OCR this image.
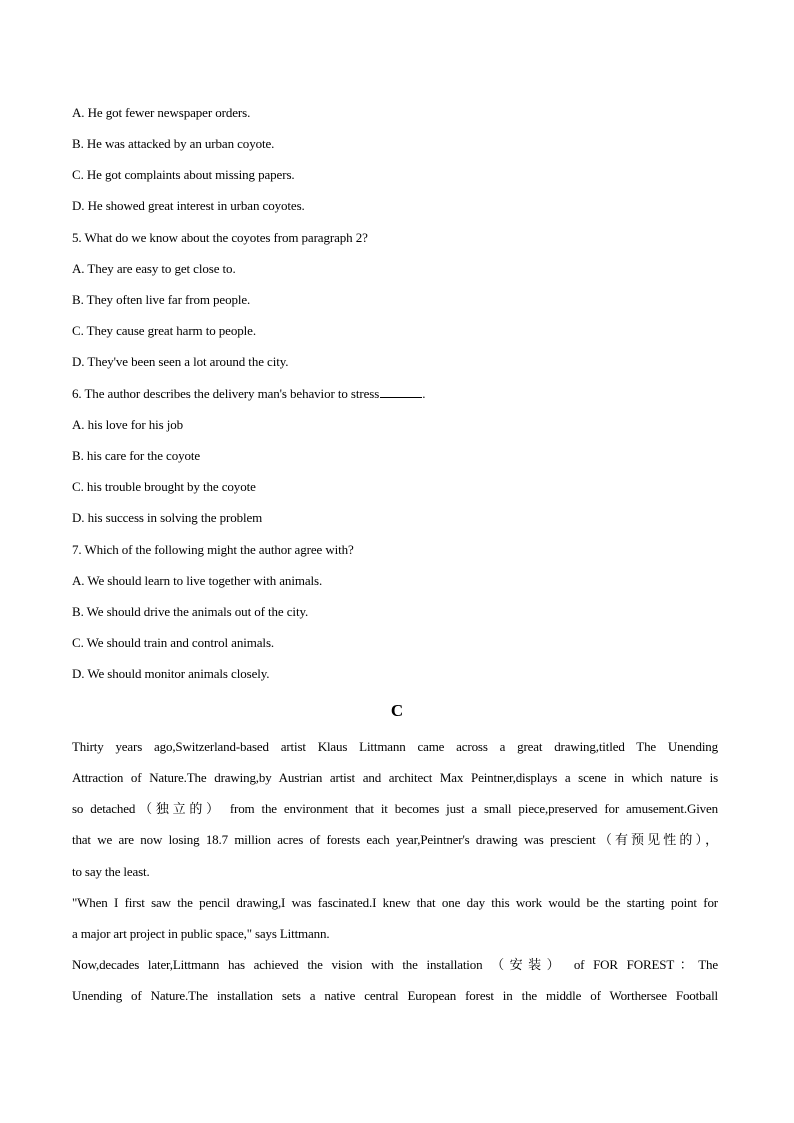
A. He got fewer newspaper orders.
B. He was attacked by an urban coyote.
C. He got complaints about missing papers.
D. He showed great interest in urban coyotes.
5. What do we know about the coyotes from paragraph 2?
A. They are easy to get close to.
B. They often live far from people.
C. They cause great harm to people.
D. They've been seen a lot around the city.
6. The author describes the delivery man's behavior to stress	.
A. his love for his job
B. his care for the coyote
C. his trouble brought by the coyote
D. his success in solving the problem
7. Which of the following might the author agree with?
A. We should learn to live together with animals.
B. We should drive the animals out of the city.
C. We should train and control animals.
D. We should monitor animals closely.
C
Thirty years ago,Switzerland-based artist Klaus Littmann came across a great drawing,titled The Unending
Attraction of Nature.The drawing,by Austrian artist and architect Max Peintner,displays a scene in which nature is
so detached（独立的） from the environment that it becomes just a small piece,preserved for amusement.Given
that we are now losing 18.7 million acres of forests each year,Peintner's drawing was prescient（有预见性的），
to say the least.
"When I first saw the pencil drawing,I was fascinated.I knew that one day this work would be the starting point for
a major art project in public space," says Littmann.
Now,decades later,Littmann has achieved the vision with the installation （安装） of FOR FOREST：The
Unending of Nature.The installation sets a native central European forest in the middle of Worthersee Football
